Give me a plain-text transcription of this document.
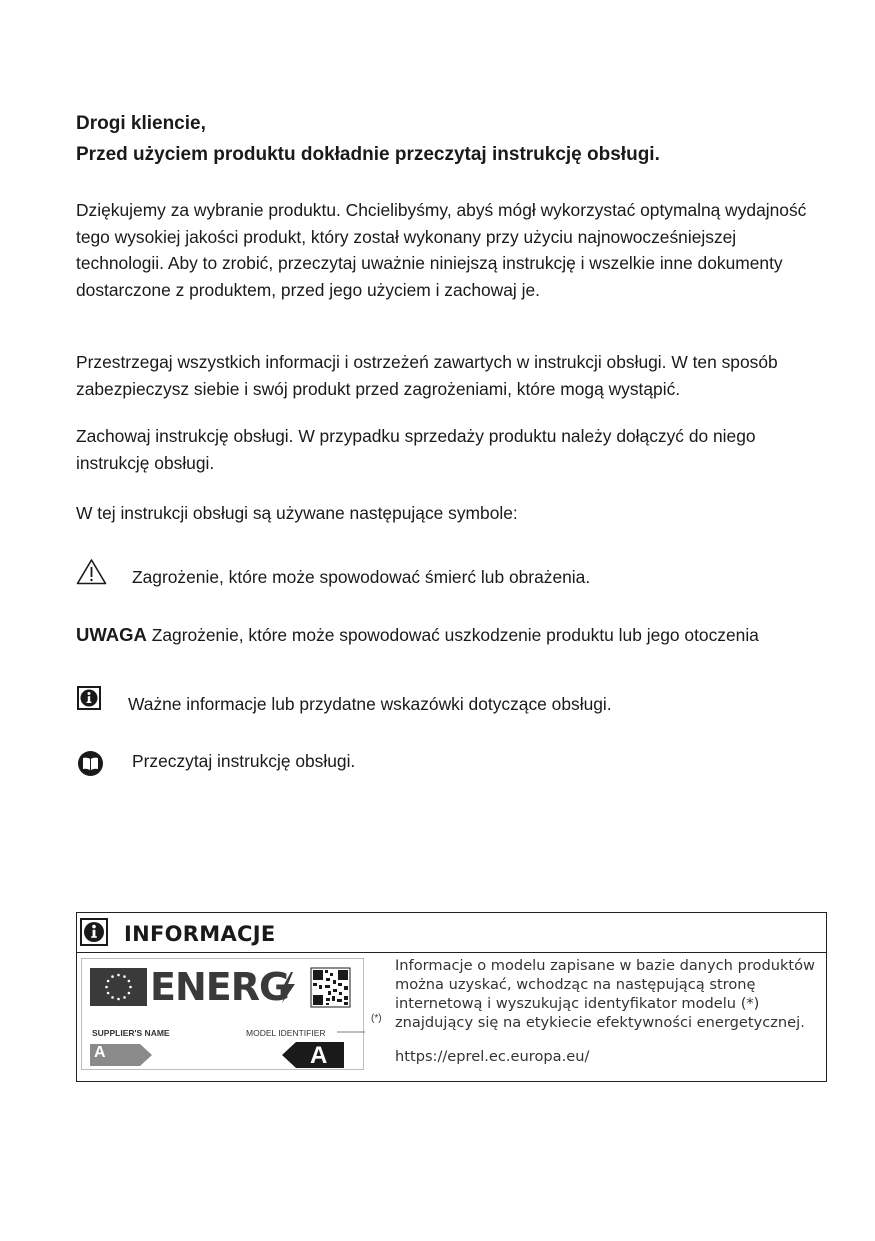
Drogi kliencie,
Przed użyciem produktu dokładnie przeczytaj instrukcję obsługi.
Dziękujemy za wybranie produktu. Chcielibyśmy, abyś mógł wykorzystać optymalną wydajność tego wysokiej jakości produkt, który został wykonany przy użyciu najnowocześniejszej technologii. Aby to zrobić, przeczytaj uważnie niniejszą instrukcję i wszelkie inne dokumenty dostarczone z produktem, przed jego użyciem i zachowaj je.
Przestrzegaj wszystkich informacji i ostrzeżeń zawartych w instrukcji obsługi. W ten sposób zabezpieczysz siebie i swój produkt przed zagrożeniami, które mogą wystąpić.
Zachowaj instrukcję obsługi. W przypadku sprzedaży produktu należy dołączyć do niego instrukcję obsługi.
W tej instrukcji obsługi są używane następujące symbole:
Zagrożenie, które może spowodować śmierć lub obrażenia.
UWAGA Zagrożenie, które może spowodować uszkodzenie produktu lub jego otoczenia
Ważne informacje lub przydatne wskazówki dotyczące obsługi.
Przeczytaj instrukcję obsługi.
INFORMACJE
ENERG
SUPPLIER'S NAME	MODEL IDENTIFIER
A	A
(*)
Informacje o modelu zapisane w bazie danych produktów można uzyskać, wchodząc na następującą stronę internetową i wyszukując identyfikator modelu (*) znajdujący się na etykiecie efektywności energetycznej.
https://eprel.ec.europa.eu/
